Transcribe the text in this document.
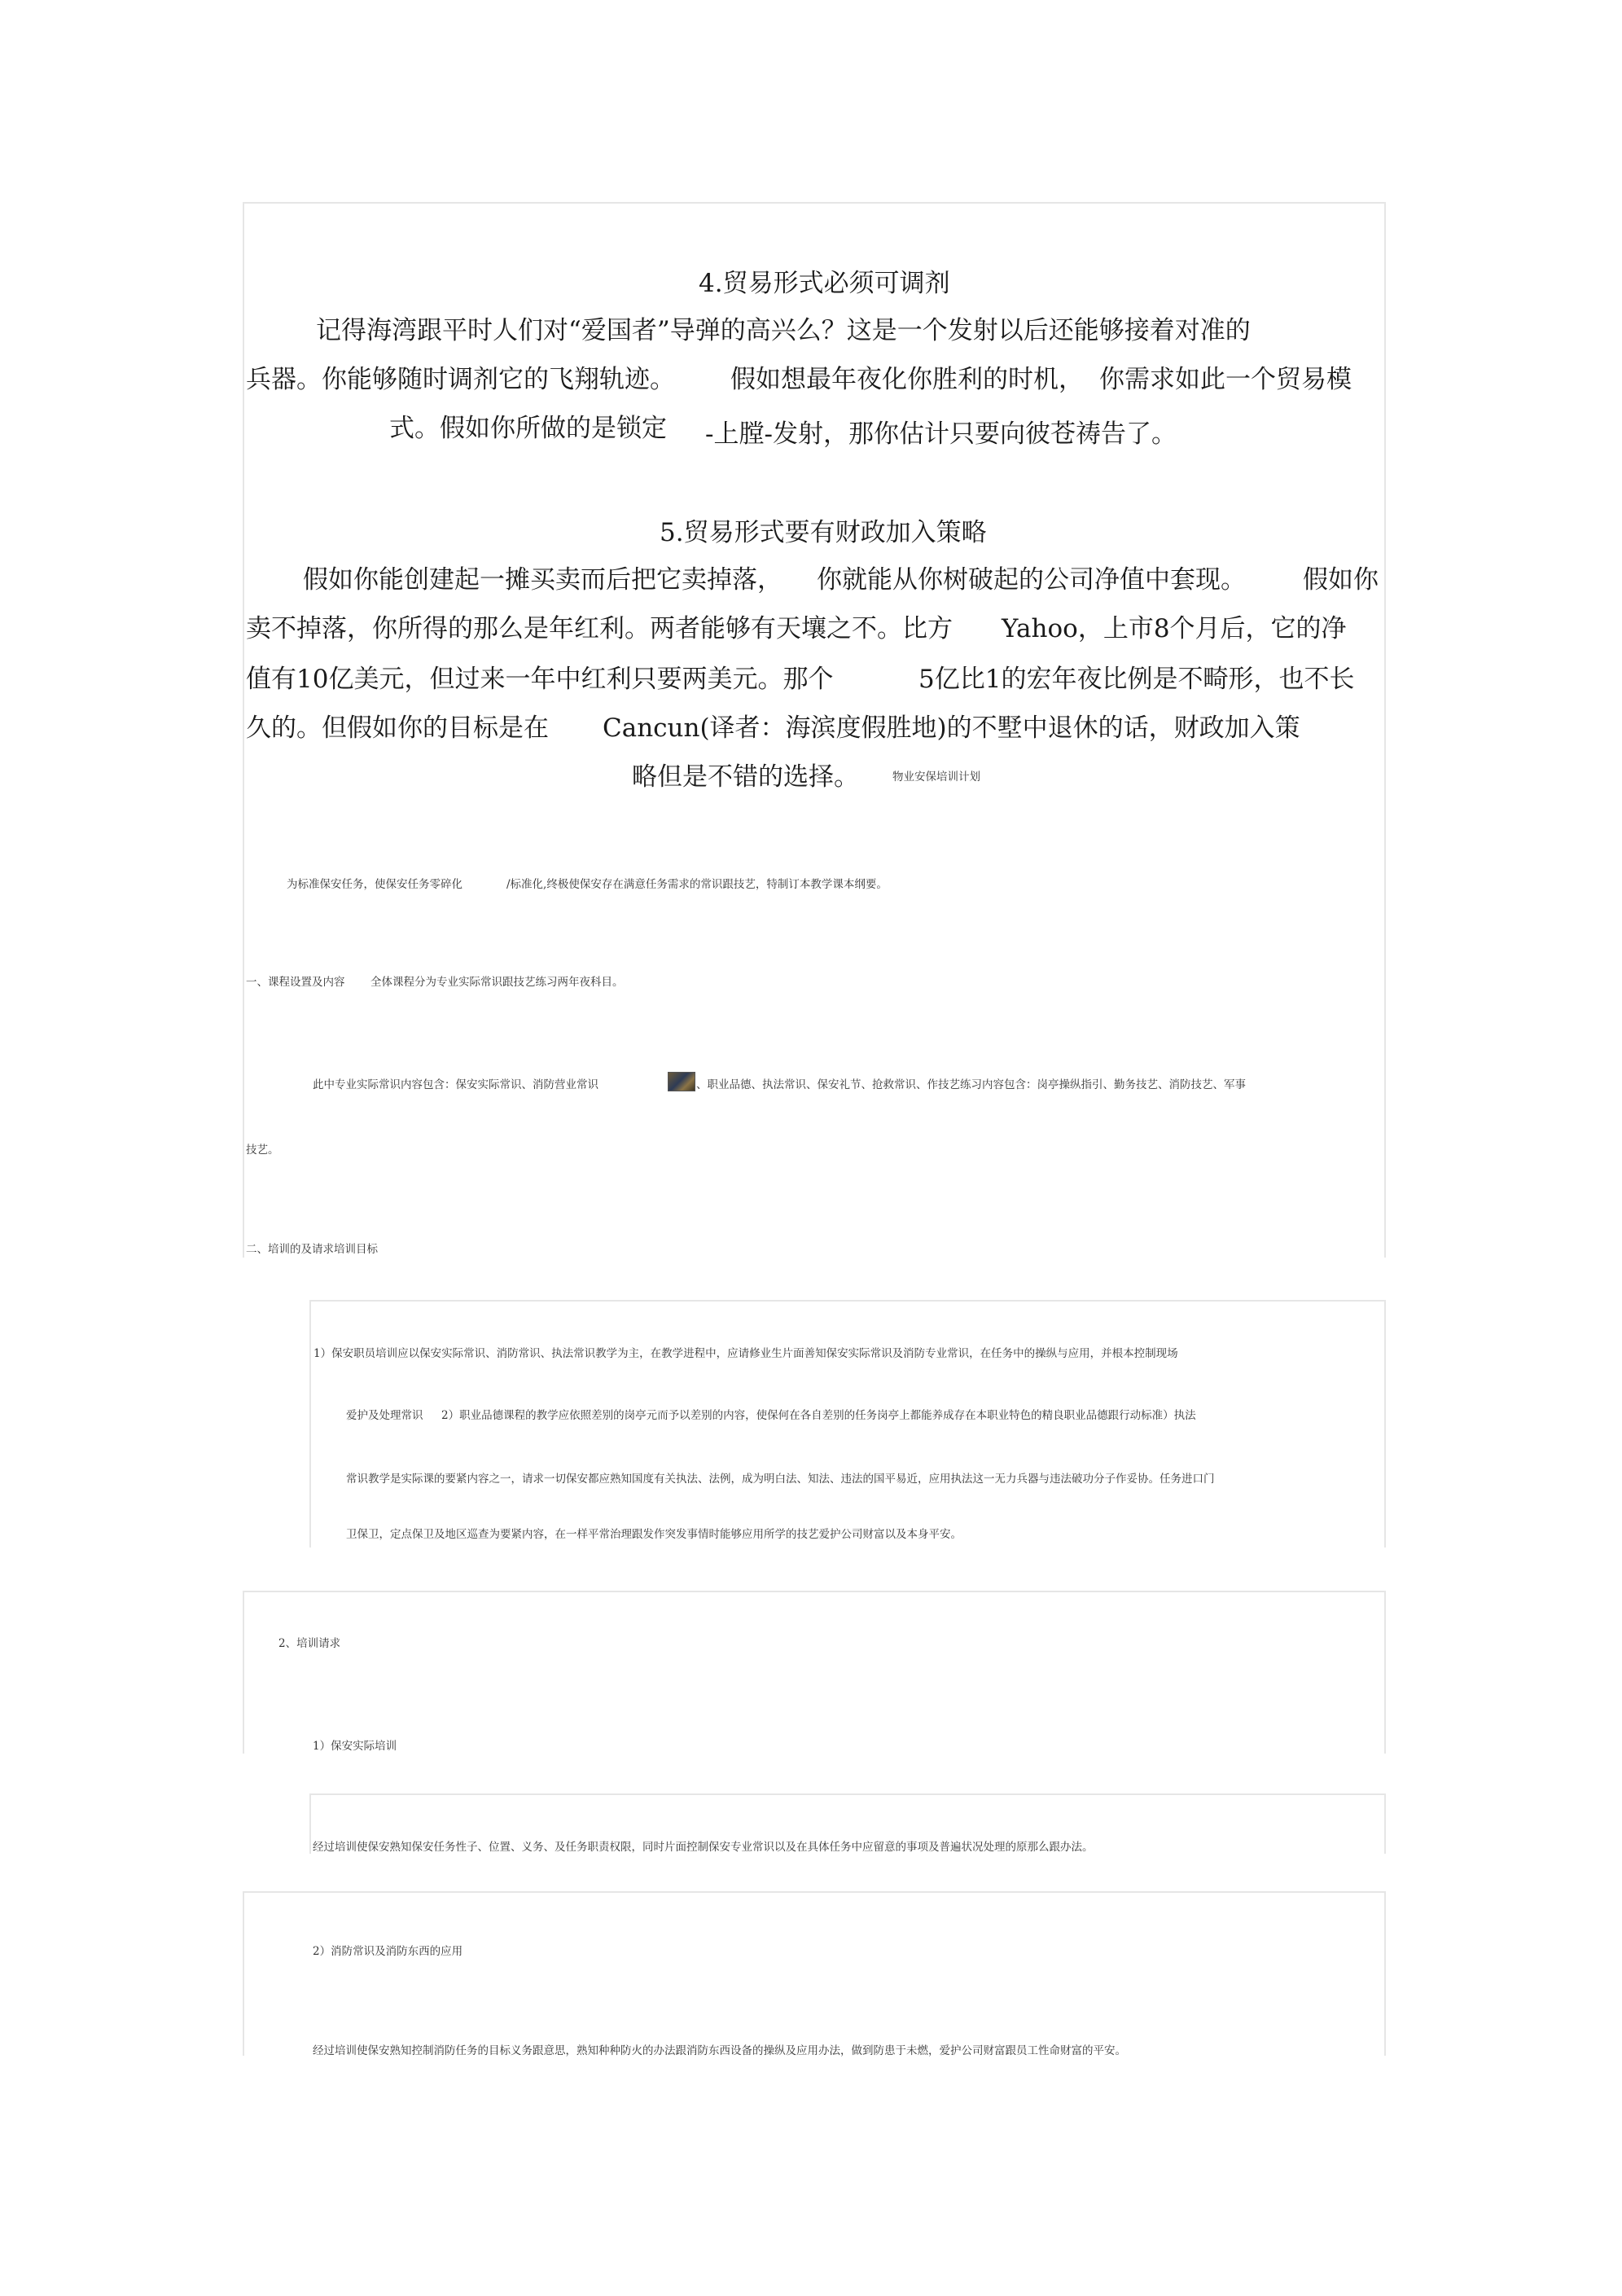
4.贸易形式必须可调剂
记得海湾跟平时人们对“爱国者”导弹的高兴么？这是一个发射以后还能够接着对准的
兵器。你能够随时调剂它的飞翔轨迹。 假如想最年夜化你胜利的时机， 你需求如此一个贸易模
式。假如你所做的是锁定 -上膛-发射，那你估计只要向彼苍祷告了。
5.贸易形式要有财政加入策略
假如你能创建起一摊买卖而后把它卖掉落， 你就能从你树破起的公司净值中套现。 假如你
卖不掉落，你所得的那么是年红利。两者能够有天壤之不。比方 Yahoo，上市8个月后，它的净
值有10亿美元，但过来一年中红利只要两美元。那个	5亿比1的宏年夜比例是不畸形，也不长
久的。但假如你的目标是在 Cancun(译者：海滨度假胜地)的不墅中退休的话，财政加入策
略但是不错的选择。	物业安保培训计划
为标准保安任务，使保安任务零碎化	/标准化,终极使保安存在满意任务需求的常识跟技艺，特制订本教学课本纲要。
一、课程设置及内容 全体课程分为专业实际常识跟技艺练习两年夜科目。
此中专业实际常识内容包含：保安实际常识、消防营业常识	、职业品德、执法常识、保安礼节、抢救常识、作技艺练习内容包含：岗亭操纵指引、勤务技艺、消防技艺、军事
技艺。
二、培训的及请求培训目标
1）保安职员培训应以保安实际常识、消防常识、执法常识教学为主，在教学进程中，应请修业生片面善知保安实际常识及消防专业常识，在任务中的操纵与应用，并根本控制现场
爱护及处理常识 2）职业品德课程的教学应依照差别的岗亭元而予以差别的内容，使保何在各自差别的任务岗亭上都能养成存在本职业特色的精良职业品德跟行动标准）执法
常识教学是实际课的要紧内容之一，请求一切保安都应熟知国度有关执法、法例，成为明白法、知法、违法的国平易近，应用执法这一无力兵器与违法破功分子作妥协。任务进口门
卫保卫，定点保卫及地区巡查为要紧内容，在一样平常治理跟发作突发事情时能够应用所学的技艺爱护公司财富以及本身平安。
2、培训请求
1）保安实际培训
经过培训使保安熟知保安任务性子、位置、义务、及任务职责权限，同时片面控制保安专业常识以及在具体任务中应留意的事项及普遍状况处理的原那么跟办法。
2）消防常识及消防东西的应用
经过培训使保安熟知控制消防任务的目标义务跟意思，熟知种种防火的办法跟消防东西设备的操纵及应用办法，做到防患于未燃，爱护公司财富跟员工性命财富的平安。
